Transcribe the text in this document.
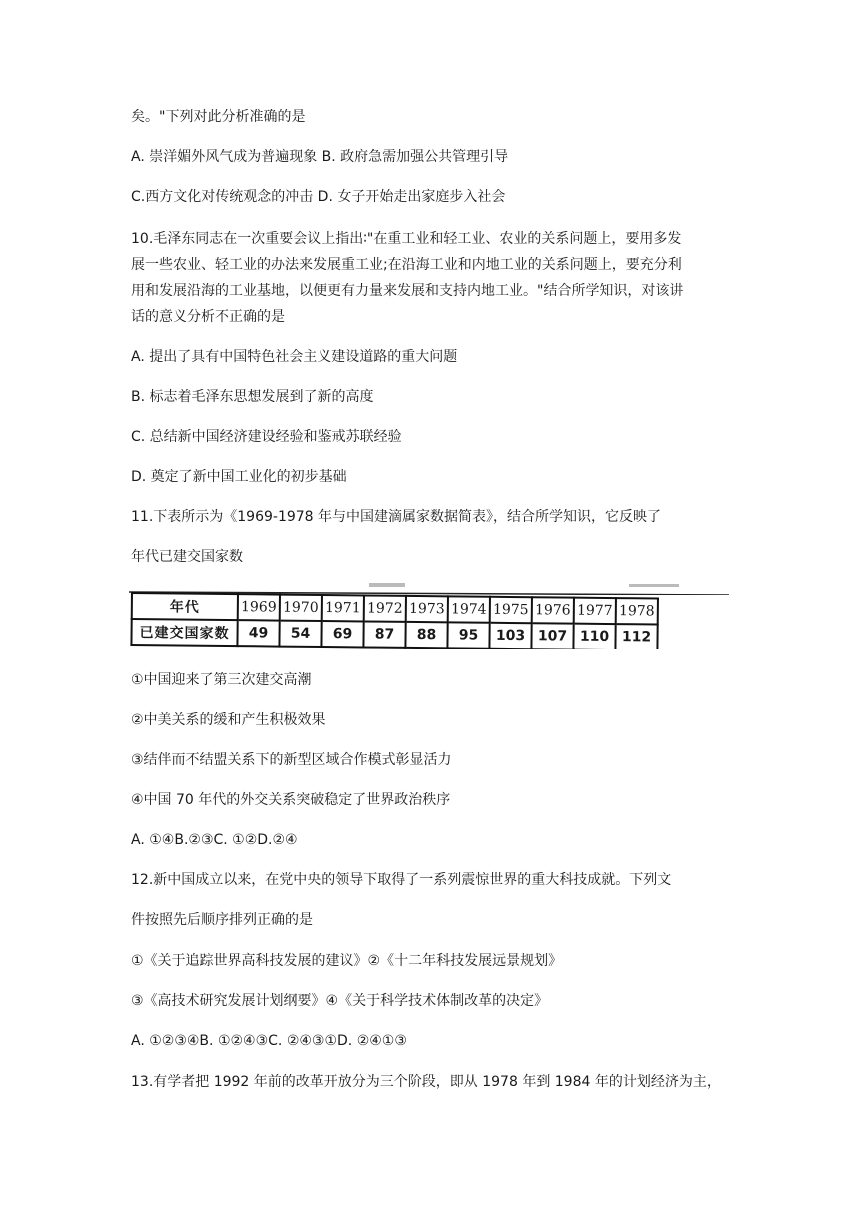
矣。"下列对此分析准确的是
A. 崇洋媚外风气成为普遍现象 B. 政府急需加强公共管理引导
C.西方文化对传统观念的冲击 D. 女子开始走出家庭步入社会
10.毛泽东同志在一次重要会议上指出∶"在重工业和轻工业、农业的关系问题上，要用多发
展一些农业、轻工业的办法来发展重工业;在沿海工业和内地工业的关系问题上，要充分利
用和发展沿海的工业基地，以便更有力量来发展和支持内地工业。"结合所学知识，对该讲
话的意义分析不正确的是
A. 提出了具有中国特色社会主义建设道路的重大问题
B. 标志着毛泽东思想发展到了新的高度
C. 总结新中国经济建设经验和鉴戒苏联经验
D. 奠定了新中国工业化的初步基础
11.下表所示为《1969-1978 年与中国建滴属家数据简表》，结合所学知识，它反映了
年代已建交国家数
年代	1969	1970	1971	1972	1973	1974	1975	1976	1977	1978
已建交国家数	49	54	69	87	88	95	103	107	110	112
①中国迎来了第三次建交高潮
②中美关系的缓和产生积极效果
③结伴而不结盟关系下的新型区域合作模式彰显活力
④中国 70 年代的外交关系突破稳定了世界政治秩序
A. ①④B.②③C. ①②D.②④
12.新中国成立以来，在党中央的领导下取得了一系列震惊世界的重大科技成就。下列文
件按照先后顺序排列正确的是
①《关于追踪世界高科技发展的建议》②《十二年科技发展远景规划》
③《高技术研究发展计划纲要》④《关于科学技术体制改革的决定》
A. ①②③④B. ①②④③C. ②④③①D. ②④①③
13.有学者把 1992 年前的改革开放分为三个阶段，即从 1978 年到 1984 年的计划经济为主，
